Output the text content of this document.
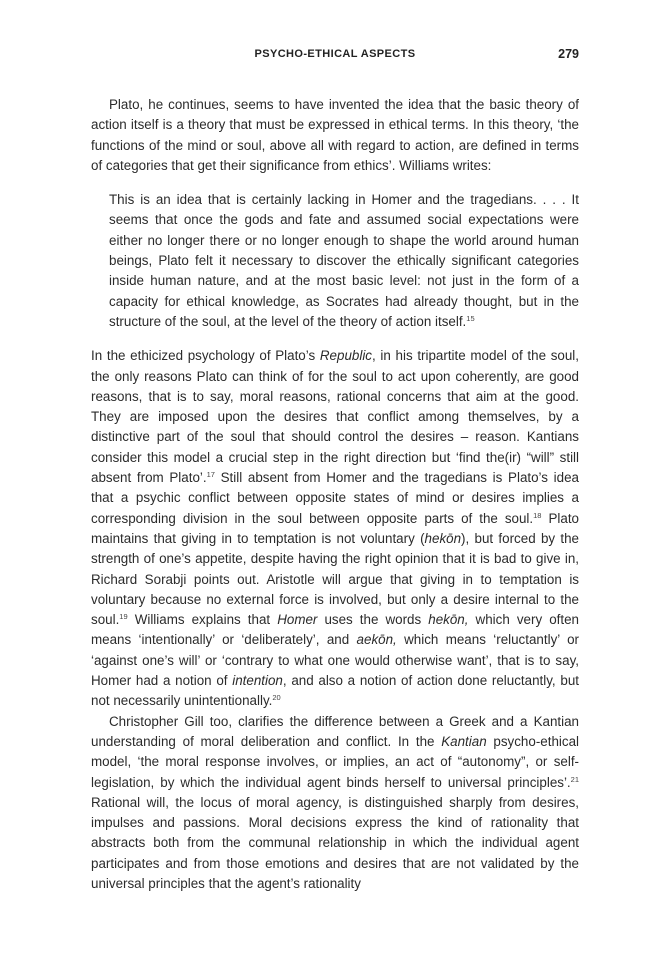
PSYCHO-ETHICAL ASPECTS	279

Plato, he continues, seems to have invented the idea that the basic theory of action itself is a theory that must be expressed in ethical terms. In this theory, ‘the functions of the mind or soul, above all with regard to action, are defined in terms of categories that get their significance from ethics’. Williams writes:

This is an idea that is certainly lacking in Homer and the tragedians. . . . It seems that once the gods and fate and assumed social expectations were either no longer there or no longer enough to shape the world around human beings, Plato felt it necessary to discover the ethically significant categories inside human nature, and at the most basic level: not just in the form of a capacity for ethical knowledge, as Socrates had already thought, but in the structure of the soul, at the level of the theory of action itself.$^{15}$

In the ethicized psychology of Plato’s Republic, in his tripartite model of the soul, the only reasons Plato can think of for the soul to act upon coherently, are good reasons, that is to say, moral reasons, rational concerns that aim at the good. They are imposed upon the desires that conflict among themselves, by a distinctive part of the soul that should control the desires – reason. Kantians consider this model a crucial step in the right direction but ‘find the(ir) “will” still absent from Plato’.$^{17}$ Still absent from Homer and the tragedians is Plato’s idea that a psychic conflict between opposite states of mind or desires implies a corresponding division in the soul between opposite parts of the soul.$^{18}$ Plato maintains that giving in to temptation is not voluntary (hekōn), but forced by the strength of one’s appetite, despite having the right opinion that it is bad to give in, Richard Sorabji points out. Aristotle will argue that giving in to temptation is voluntary because no external force is involved, but only a desire internal to the soul.$^{19}$ Williams explains that Homer uses the words hekōn, which very often means ‘intentionally’ or ‘deliberately’, and aekōn, which means ‘reluctantly’ or ‘against one’s will’ or ‘contrary to what one would otherwise want’, that is to say, Homer had a notion of intention, and also a notion of action done reluctantly, but not necessarily unintentionally.$^{20}$

Christopher Gill too, clarifies the difference between a Greek and a Kantian understanding of moral deliberation and conflict. In the Kantian psycho-ethical model, ‘the moral response involves, or implies, an act of “autonomy”, or self-legislation, by which the individual agent binds herself to universal principles’.$^{21}$ Rational will, the locus of moral agency, is distinguished sharply from desires, impulses and passions. Moral decisions express the kind of rationality that abstracts both from the communal relationship in which the individual agent participates and from those emotions and desires that are not validated by the universal principles that the agent’s rationality
